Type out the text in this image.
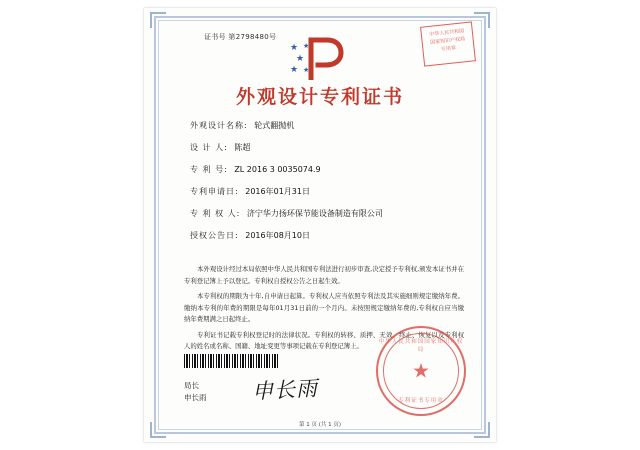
证书号 第2798480号	中华人民共和国
国家知识产权局
专用章
★
★
★
★
★
外观设计专利证书
外观设计名称: 轮式翻抛机
设 计 人: 陈超
专 利 号: ZL 2016 3 0035074.9
专利申请日: 2016年01月31日
专 利 权 人: 济宁华力扬环保节能设备制造有限公司
授权公告日: 2016年08月10日

本外观设计经过本局依照中华人民共和国专利法进行初步审查,决定授予专利权,颁发本证书并在专利登记簿上予以登记。专利权自授权公告之日起生效。

本专利权的期限为十年,自申请日起算。专利权人应当依照专利法及其实施细则规定缴纳年费。缴纳本专利的年费的期限是每年01月31日前的一个月内。未按照规定缴纳年费的,专利权自应当缴纳年费期满之日起终止。

专利证书记载专利权登记时的法律状况。专利权的转移、质押、无效、终止、恢复以及专利权人的姓名或名称、国籍、地址变更等事项记载在专利登记簿上。

局长
申长雨 申长雨
中华人民共和国国家知识产权局
★
专利证书专用章
第 1 页 (共 1 页)
